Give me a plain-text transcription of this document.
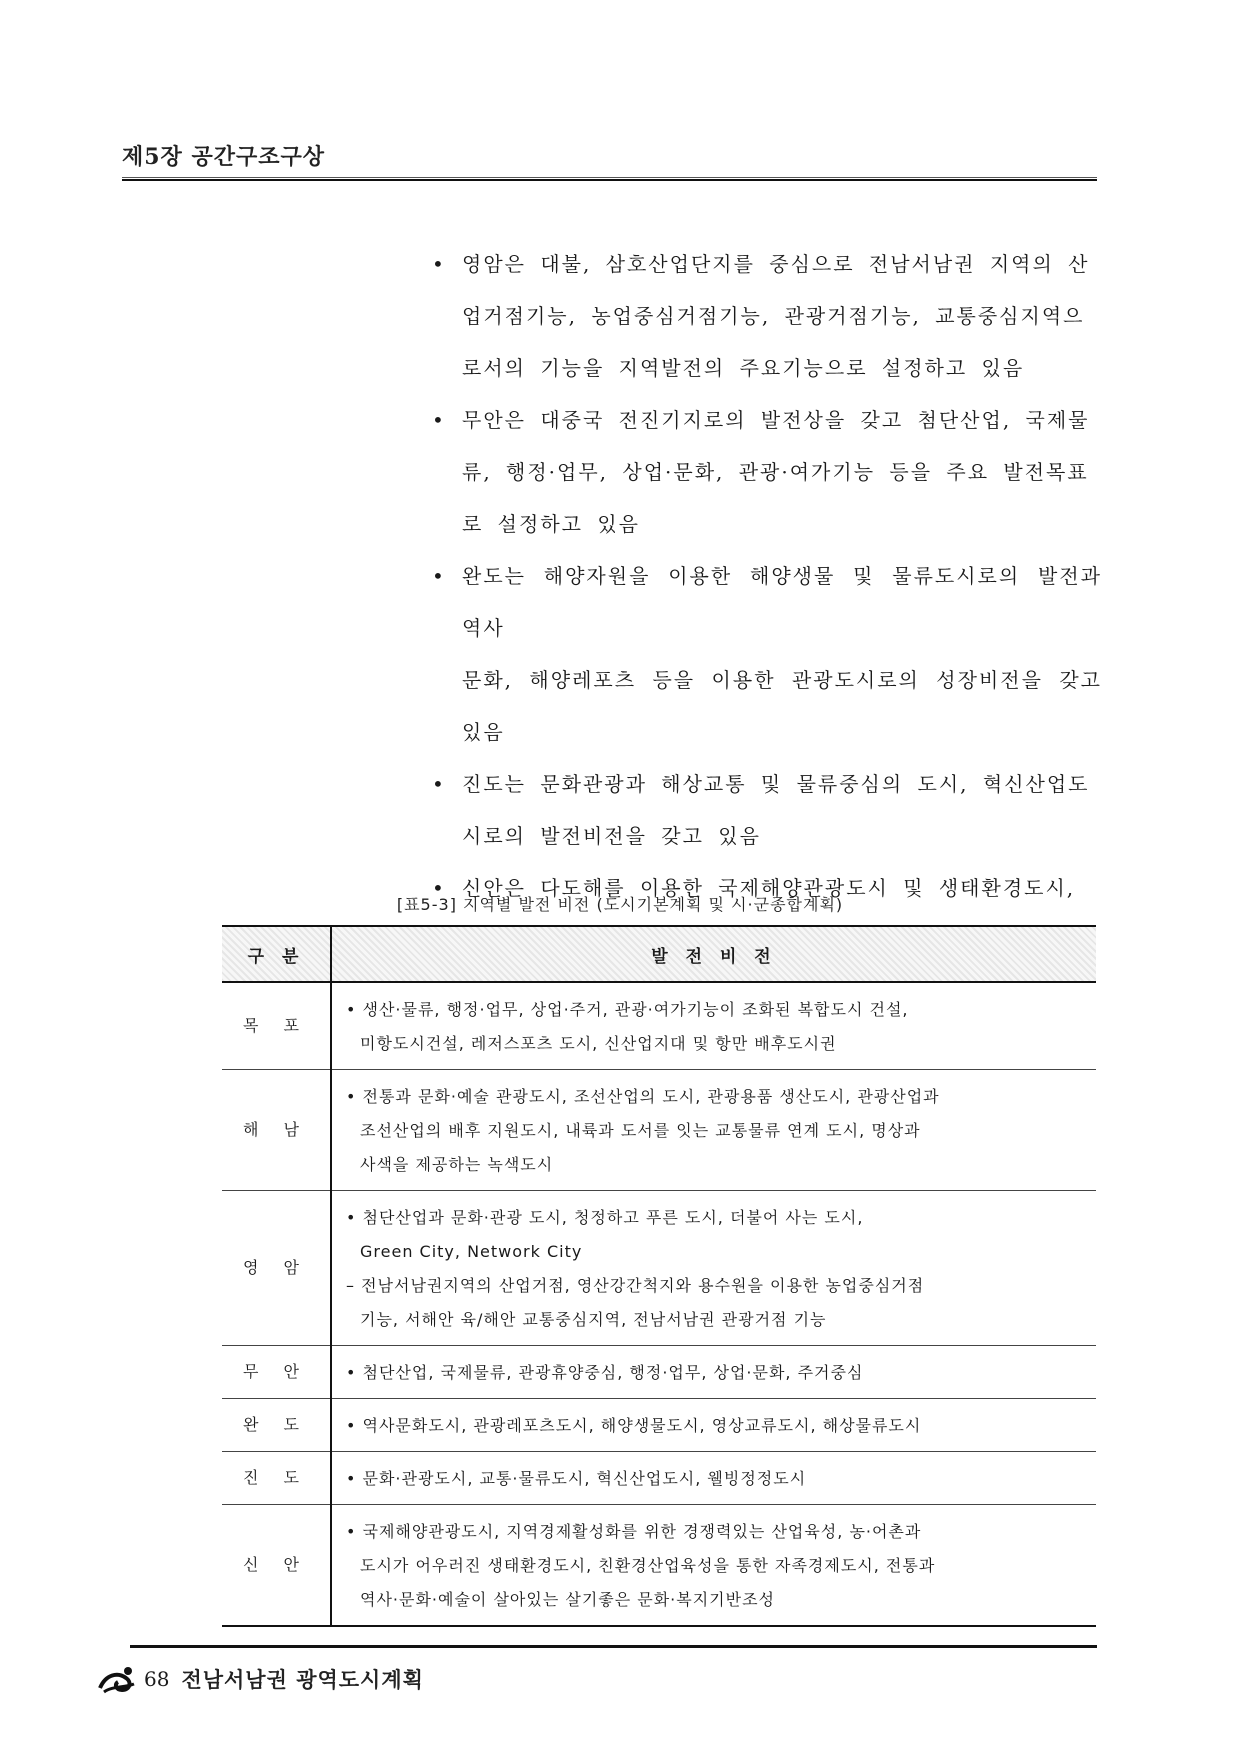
제5장 공간구조구상
• 영암은 대불, 삼호산업단지를 중심으로 전남서남권 지역의 산
업거점기능, 농업중심거점기능, 관광거점기능, 교통중심지역으
로서의 기능을 지역발전의 주요기능으로 설정하고 있음
• 무안은 대중국 전진기지로의 발전상을 갖고 첨단산업, 국제물
류, 행정·업무, 상업·문화, 관광·여가기능 등을 주요 발전목표
로 설정하고 있음
• 완도는 해양자원을 이용한 해양생물 및 물류도시로의 발전과 역사
문화, 해양레포츠 등을 이용한 관광도시로의 성장비전을 갖고 있음
• 진도는 문화관광과 해상교통 및 물류중심의 도시, 혁신산업도
시로의 발전비전을 갖고 있음
• 신안은 다도해를 이용한 국제해양관광도시 및 생태환경도시,
[표5-3] 지역별 발전 비전 (도시기본계획 및 시·군종합계획)
구 분	발 전 비 전
목 포	• 생산·물류, 행정·업무, 상업·주거, 관광·여가기능이 조화된 복합도시 건설,
미항도시건설, 레저스포츠 도시, 신산업지대 및 항만 배후도시권

해 남	• 전통과 문화·예술 관광도시, 조선산업의 도시, 관광용품 생산도시, 관광산업과
조선산업의 배후 지원도시, 내륙과 도서를 잇는 교통물류 연계 도시, 명상과
사색을 제공하는 녹색도시

영 암	• 첨단산업과 문화·관광 도시, 청정하고 푸른 도시, 더불어 사는 도시,
Green City, Network City
– 전남서남권지역의 산업거점, 영산강간척지와 용수원을 이용한 농업중심거점
기능, 서해안 육/해안 교통중심지역, 전남서남권 관광거점 기능

무 안	• 첨단산업, 국제물류, 관광휴양중심, 행정·업무, 상업·문화, 주거중심

완 도	• 역사문화도시, 관광레포츠도시, 해양생물도시, 영상교류도시, 해상물류도시

진 도	• 문화·관광도시, 교통·물류도시, 혁신산업도시, 웰빙정정도시

신 안	• 국제해양관광도시, 지역경제활성화를 위한 경쟁력있는 산업육성, 농·어촌과
도시가 어우러진 생태환경도시, 친환경산업육성을 통한 자족경제도시, 전통과
역사·문화·예술이 살아있는 살기좋은 문화·복지기반조성
68 전남서남권 광역도시계획
